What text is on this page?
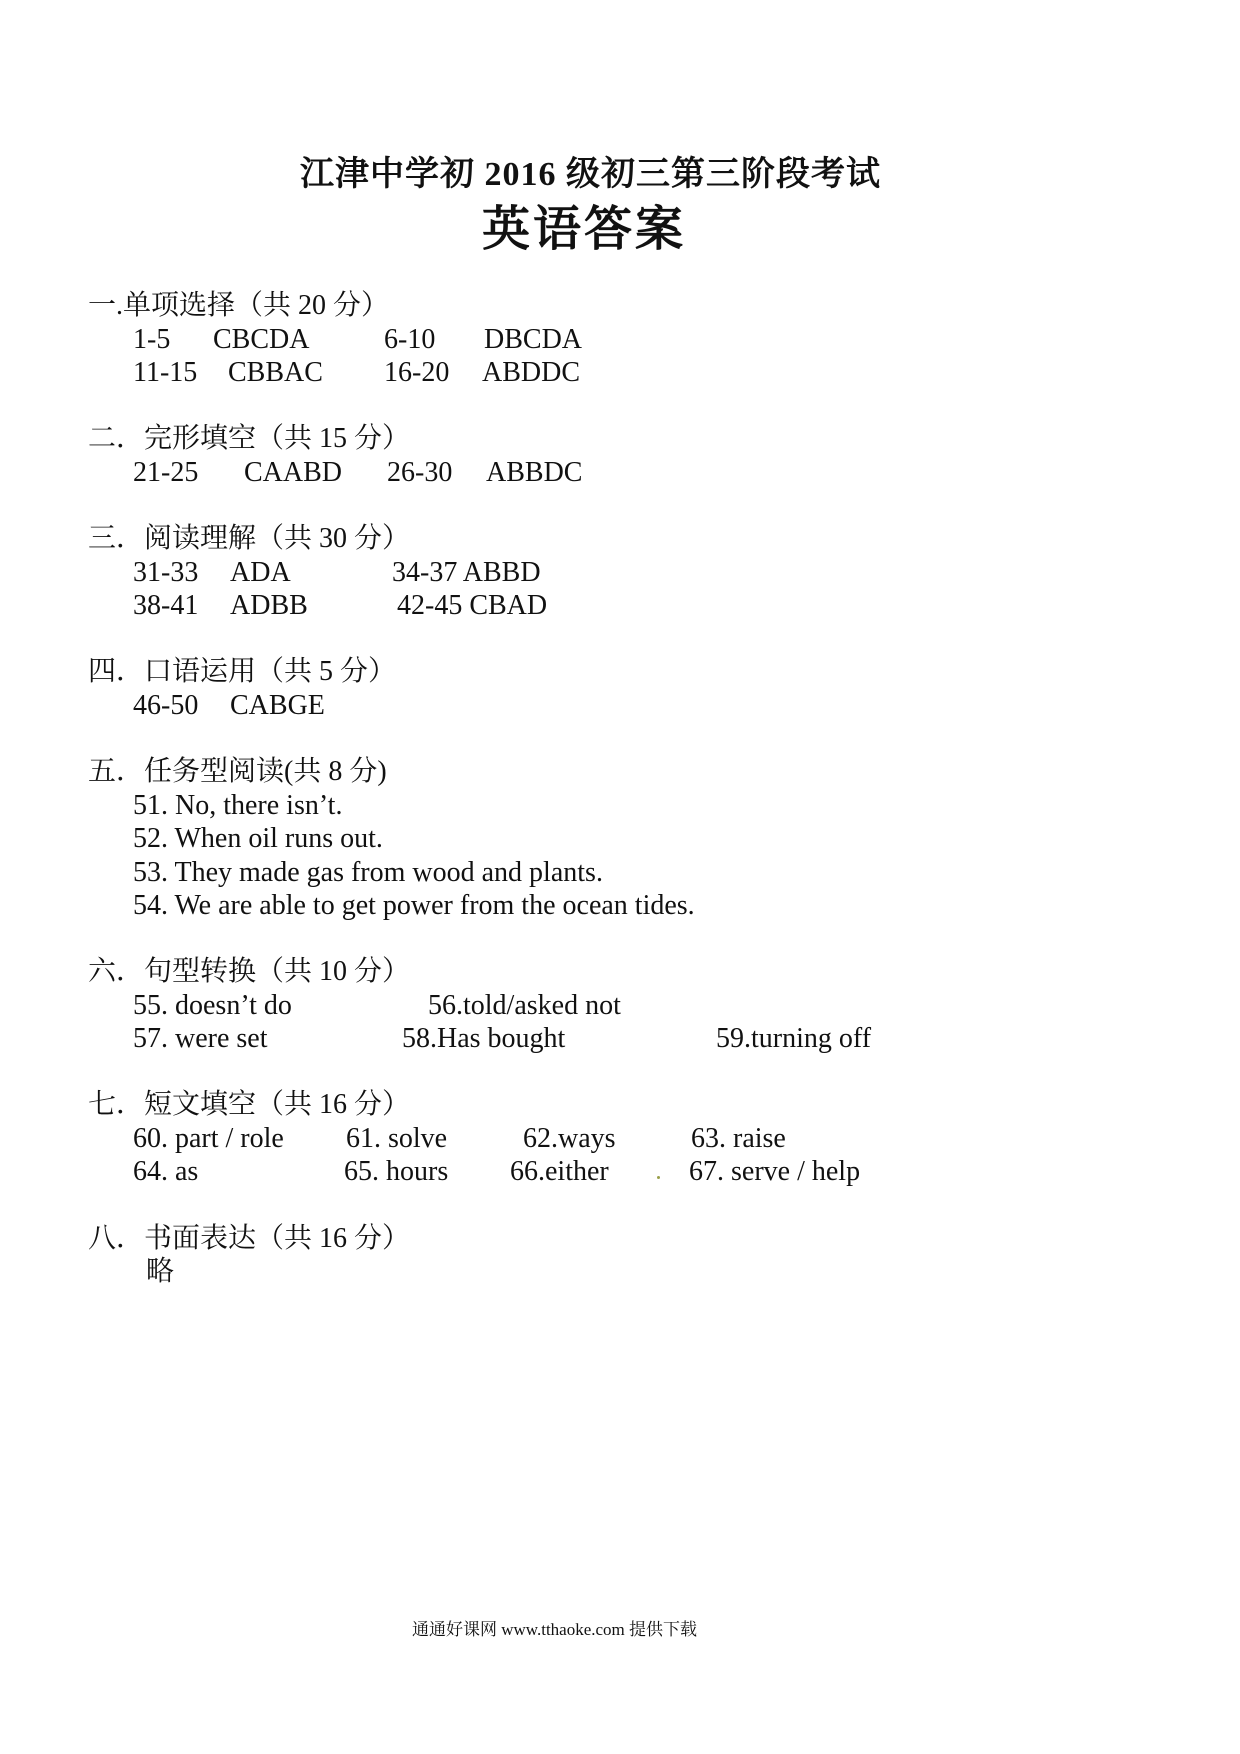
江津中学初 2016 级初三第三阶段考试
英语答案
一.单项选择（共 20 分）
1-5 CBCDA	6-10 DBCDA
11-15 CBBAC 16-20 ABDDC
二．完形填空（共 15 分）
21-25 CAABD 26-30 ABBDC
三．阅读理解（共 30 分）
31-33 ADA	34-37 ABBD
38-41 ADBB	42-45 CBAD
四．口语运用（共 5 分）
46-50 CABGE
五．任务型阅读(共 8 分)
51. No, there isn’t.
52. When oil runs out.
53. They made gas from wood and plants.
54. We are able to get power from the ocean tides.
六．句型转换（共 10 分）
55. doesn’t do	56.told/asked not
57. were set	58.Has bought	59.turning off
七．短文填空（共 16 分）
60. part / role 61. solve	62.ways	63. raise
64. as	65. hours 66.either	67. serve / help
八．书面表达（共 16 分）
略
通通好课网 www.tthaoke.com 提供下载
